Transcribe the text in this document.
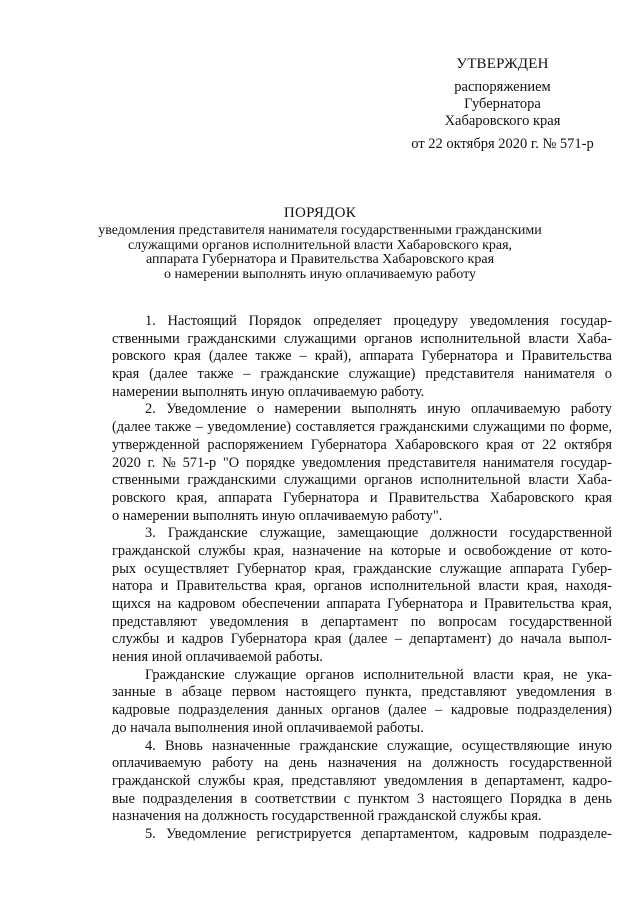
УТВЕРЖДЕН
распоряжением
Губернатора
Хабаровского края
от 22 октября 2020 г. № 571-р
ПОРЯДОК
уведомления представителя нанимателя государственными гражданскими
служащими органов исполнительной власти Хабаровского края,
аппарата Губернатора и Правительства Хабаровского края
о намерении выполнять иную оплачиваемую работу
1. Настоящий Порядок определяет процедуру уведомления государ-
ственными гражданскими служащими органов исполнительной власти Хаба-
ровского края (далее также – край), аппарата Губернатора и Правительства
края (далее также – гражданские служащие) представителя нанимателя о
намерении выполнять иную оплачиваемую работу.
2. Уведомление о намерении выполнять иную оплачиваемую работу
(далее также – уведомление) составляется гражданскими служащими по форме,
утвержденной распоряжением Губернатора Хабаровского края от 22 октября
2020 г. № 571-р "О порядке уведомления представителя нанимателя государ-
ственными гражданскими служащими органов исполнительной власти Хаба-
ровского края, аппарата Губернатора и Правительства Хабаровского края
о намерении выполнять иную оплачиваемую работу".
3. Гражданские служащие, замещающие должности государственной
гражданской службы края, назначение на которые и освобождение от кото-
рых осуществляет Губернатор края, гражданские служащие аппарата Губер-
натора и Правительства края, органов исполнительной власти края, находя-
щихся на кадровом обеспечении аппарата Губернатора и Правительства края,
представляют уведомления в департамент по вопросам государственной
службы и кадров Губернатора края (далее – департамент) до начала выпол-
нения иной оплачиваемой работы.
Гражданские служащие органов исполнительной власти края, не ука-
занные в абзаце первом настоящего пункта, представляют уведомления в
кадровые подразделения данных органов (далее – кадровые подразделения)
до начала выполнения иной оплачиваемой работы.
4. Вновь назначенные гражданские служащие, осуществляющие иную
оплачиваемую работу на день назначения на должность государственной
гражданской службы края, представляют уведомления в департамент, кадро-
вые подразделения в соответствии с пунктом 3 настоящего Порядка в день
назначения на должность государственной гражданской службы края.
5. Уведомление регистрируется департаментом, кадровым подразделе-
